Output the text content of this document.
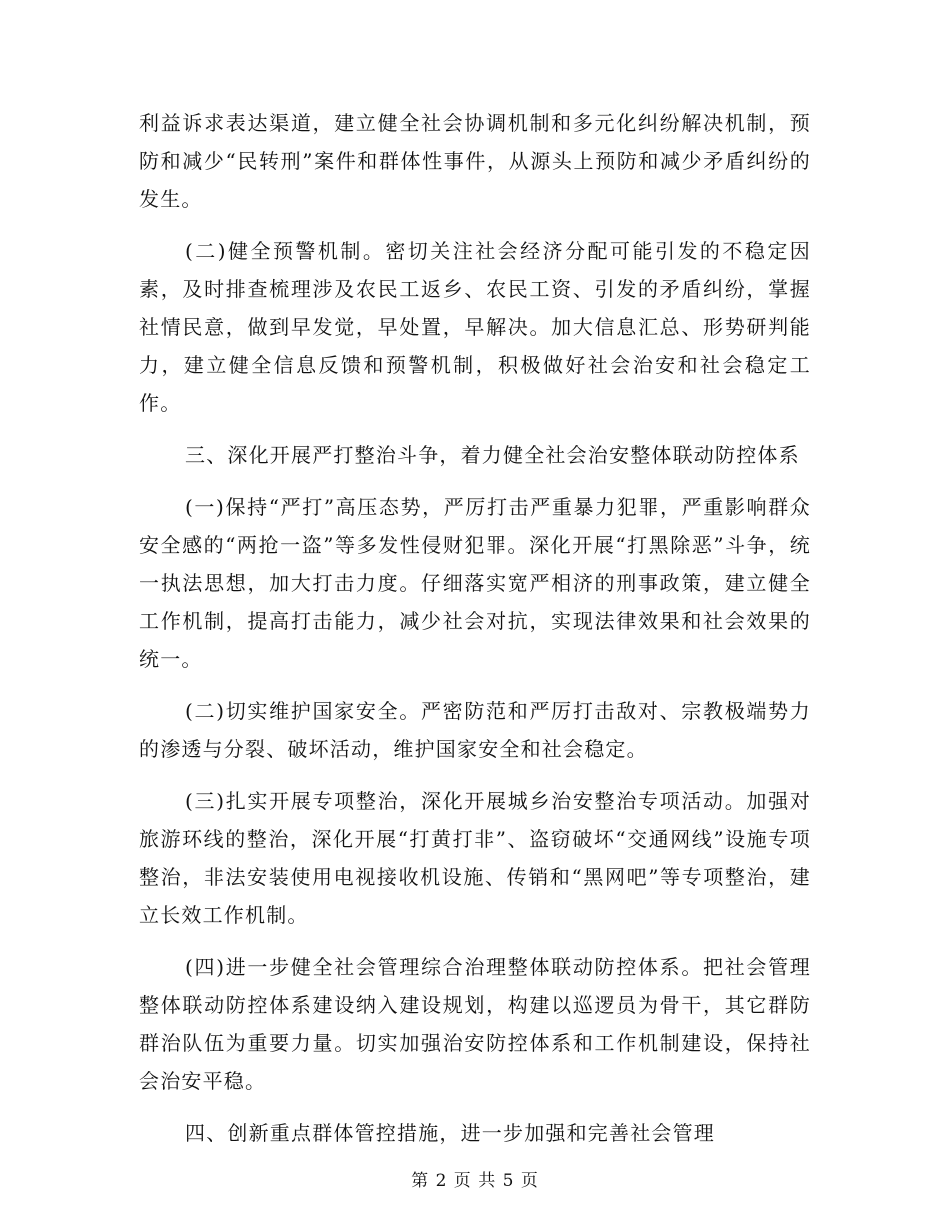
利益诉求表达渠道，建立健全社会协调机制和多元化纠纷解决机制，预防和减少“民转刑”案件和群体性事件，从源头上预防和减少矛盾纠纷的发生。

(二)健全预警机制。密切关注社会经济分配可能引发的不稳定因素，及时排查梳理涉及农民工返乡、农民工资、引发的矛盾纠纷，掌握社情民意，做到早发觉，早处置，早解决。加大信息汇总、形势研判能力，建立健全信息反馈和预警机制，积极做好社会治安和社会稳定工作。

三、深化开展严打整治斗争，着力健全社会治安整体联动防控体系

(一)保持“严打”高压态势，严厉打击严重暴力犯罪，严重影响群众安全感的“两抢一盗”等多发性侵财犯罪。深化开展“打黑除恶”斗争，统一执法思想，加大打击力度。仔细落实宽严相济的刑事政策，建立健全工作机制，提高打击能力，减少社会对抗，实现法律效果和社会效果的统一。

(二)切实维护国家安全。严密防范和严厉打击敌对、宗教极端势力的渗透与分裂、破坏活动，维护国家安全和社会稳定。

(三)扎实开展专项整治，深化开展城乡治安整治专项活动。加强对旅游环线的整治，深化开展“打黄打非”、盗窃破坏“交通网线”设施专项整治，非法安装使用电视接收机设施、传销和“黑网吧”等专项整治，建立长效工作机制。

(四)进一步健全社会管理综合治理整体联动防控体系。把社会管理整体联动防控体系建设纳入建设规划，构建以巡逻员为骨干，其它群防群治队伍为重要力量。切实加强治安防控体系和工作机制建设，保持社会治安平稳。

四、创新重点群体管控措施，进一步加强和完善社会管理

第 2 页 共 5 页
